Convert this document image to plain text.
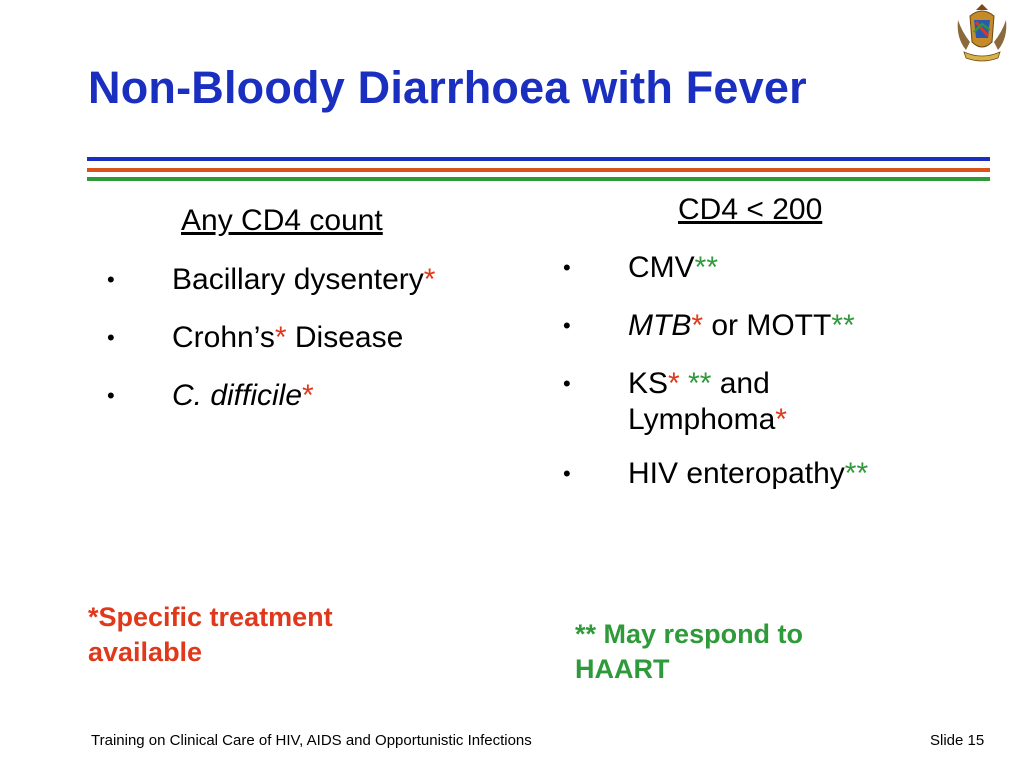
Non-Bloody Diarrhoea with Fever
Any CD4 count
•	Bacillary dysentery*
•	Crohn’s* Disease
•	C. difficile*
CD4 < 200
•	CMV**
•	MTB* or MOTT**
•	KS* ** and Lymphoma*
•	HIV enteropathy**
*Specific treatment available
** May respond to HAART
Training on Clinical Care of HIV, AIDS and Opportunistic Infections	Slide 15
